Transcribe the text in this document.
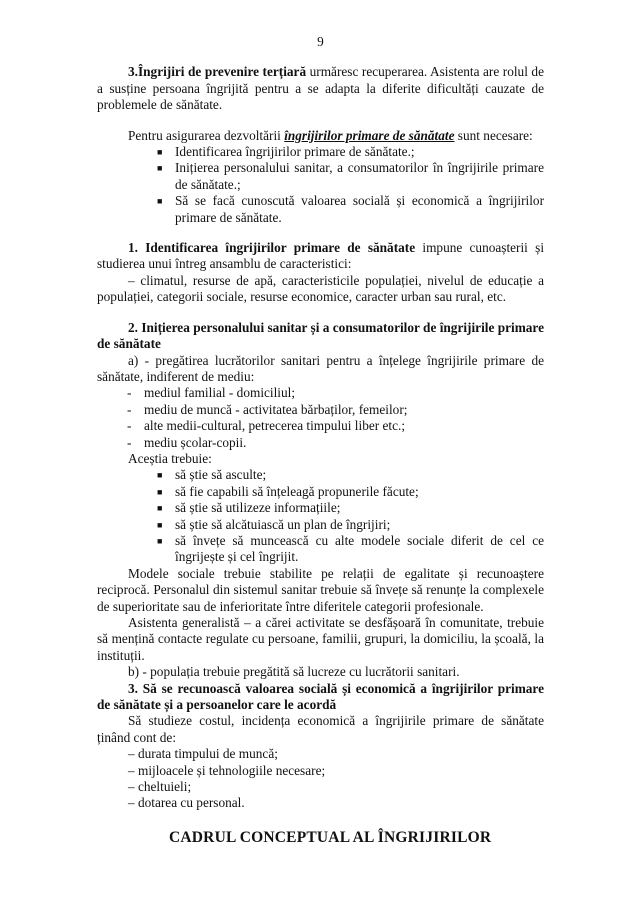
9

3.Îngrijiri de prevenire terțiară urmăresc recuperarea. Asistenta are rolul de a susține persoana îngrijită pentru a se adapta la diferite dificultăți cauzate de problemele de sănătate.

Pentru asigurarea dezvoltării îngrijirilor primare de sănătate sunt necesare:

■ Identificarea îngrijirilor primare de sănătate.;
■ Inițierea personalului sanitar, a consumatorilor în îngrijirile primare de sănătate.;
■ Să se facă cunoscută valoarea socială și economică a îngrijirilor primare de sănătate.

1. Identificarea îngrijirilor primare de sănătate impune cunoașterii și studierea unui întreg ansamblu de caracteristici:

– climatul, resurse de apă, caracteristicile populației, nivelul de educație a populației, categorii sociale, resurse economice, caracter urban sau rural, etc.

2. Inițierea personalului sanitar și a consumatorilor de îngrijirile primare de sănătate

a) - pregătirea lucrătorilor sanitari pentru a înțelege îngrijirile primare de sănătate, indiferent de mediu:

- mediul familial - domiciliul;
- mediu de muncă - activitatea bărbaților, femeilor;
- alte medii-cultural, petrecerea timpului liber etc.;
- mediu școlar-copii.

Aceștia trebuie:

■ să știe să asculte;
■ să fie capabili să înțeleagă propunerile făcute;
■ să știe să utilizeze informațiile;
■ să știe să alcătuiască un plan de îngrijiri;
■ să învețe să muncească cu alte modele sociale diferit de cel ce îngrijește și cel îngrijit.

Modele sociale trebuie stabilite pe relații de egalitate și recunoaștere reciprocă. Personalul din sistemul sanitar trebuie să învețe să renunțe la complexele de superioritate sau de inferioritate între diferitele categorii profesionale.

Asistenta generalistă – a cărei activitate se desfășoară în comunitate, trebuie să mențină contacte regulate cu persoane, familii, grupuri, la domiciliu, la școală, la instituții.

b) - populația trebuie pregătită să lucreze cu lucrătorii sanitari.

3. Să se recunoască valoarea socială și economică a îngrijirilor primare de sănătate și a persoanelor care le acordă

Să studieze costul, incidența economică a îngrijirile primare de sănătate ținând cont de:

– durata timpului de muncă;
– mijloacele și tehnologiile necesare;
– cheltuieli;
– dotarea cu personal.
CADRUL CONCEPTUAL AL ÎNGRIJIRILOR
